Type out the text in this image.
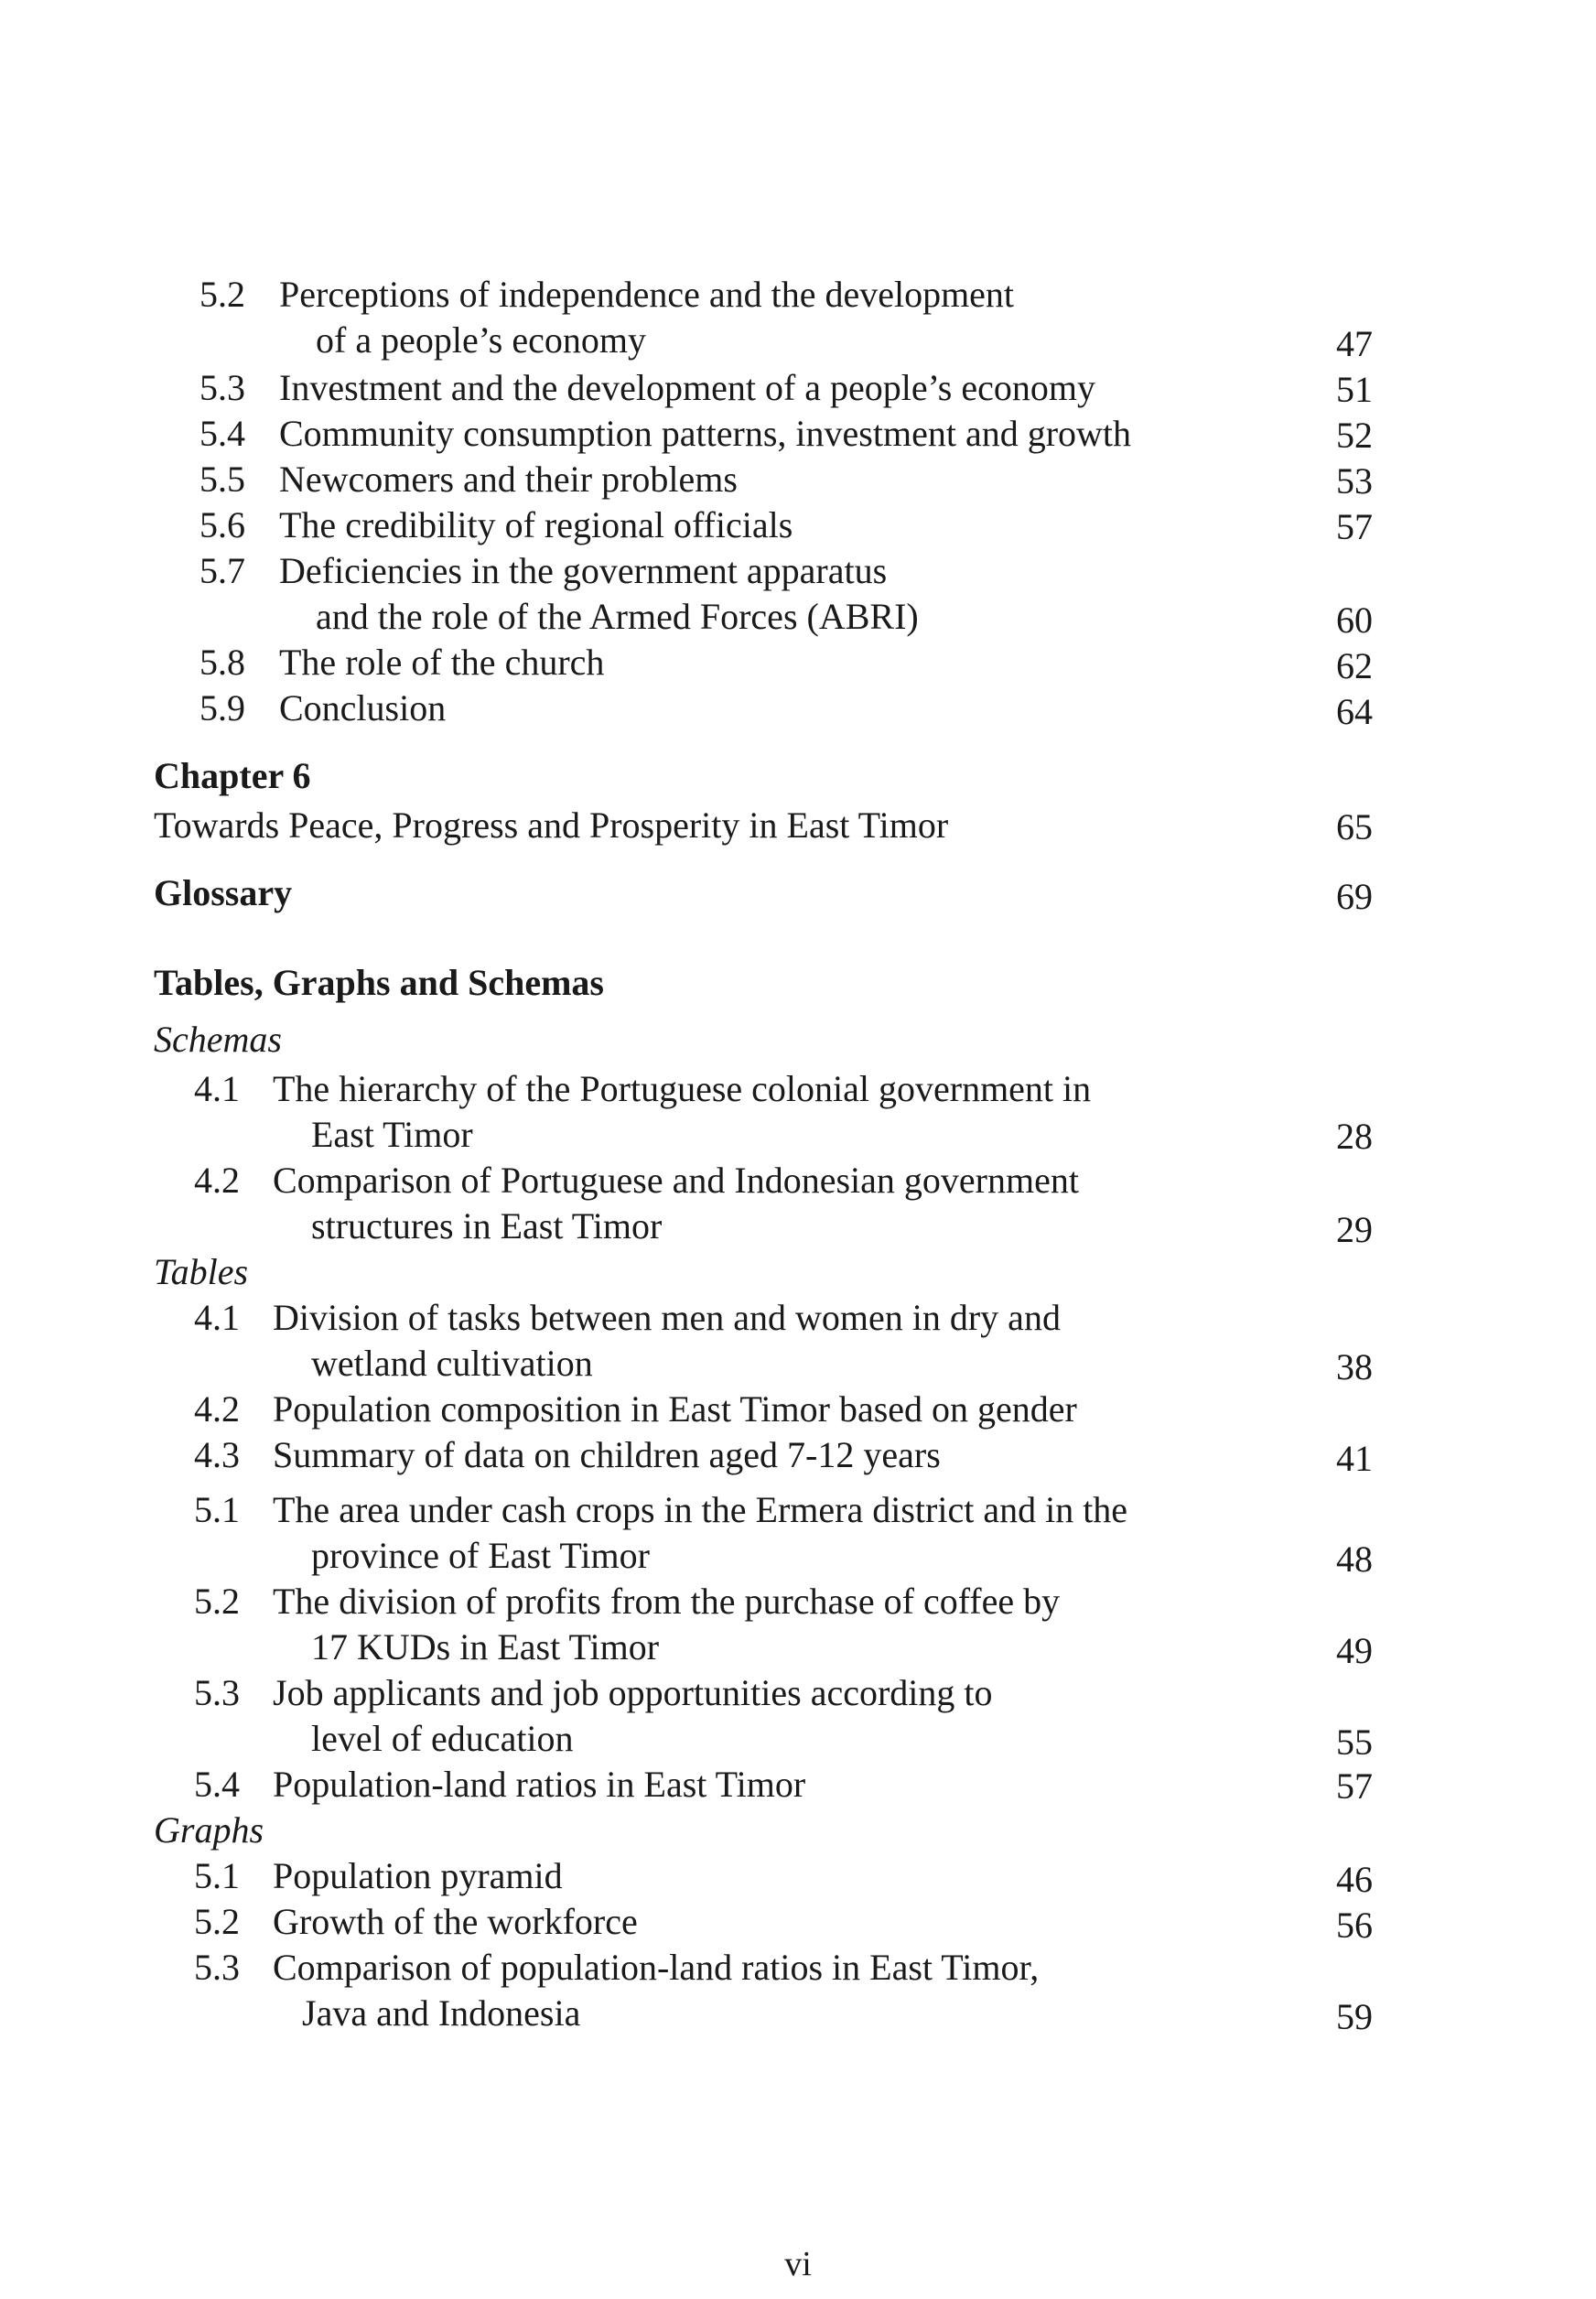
5.2 Perceptions of independence and the development
of a people’s economy	47
5.3 Investment and the development of a people’s economy	51
5.4 Community consumption patterns, investment and growth	52
5.5 Newcomers and their problems	53
5.6 The credibility of regional officials	57
5.7 Deficiencies in the government apparatus
and the role of the Armed Forces (ABRI)	60
5.8 The role of the church	62
5.9 Conclusion	64
Chapter 6
Towards Peace, Progress and Prosperity in East Timor	65
Glossary	69
Tables, Graphs and Schemas
Schemas
4.1 The hierarchy of the Portuguese colonial government in
East Timor	28
4.2 Comparison of Portuguese and Indonesian government
structures in East Timor	29
Tables
4.1 Division of tasks between men and women in dry and
wetland cultivation	38
4.2 Population composition in East Timor based on gender
4.3 Summary of data on children aged 7-12 years	41
5.1 The area under cash crops in the Ermera district and in the
province of East Timor	48
5.2 The division of profits from the purchase of coffee by
17 KUDs in East Timor	49
5.3 Job applicants and job opportunities according to
level of education	55
5.4 Population-land ratios in East Timor	57
Graphs
5.1 Population pyramid	46
5.2 Growth of the workforce	56
5.3 Comparison of population-land ratios in East Timor,
Java and Indonesia	59
vi
